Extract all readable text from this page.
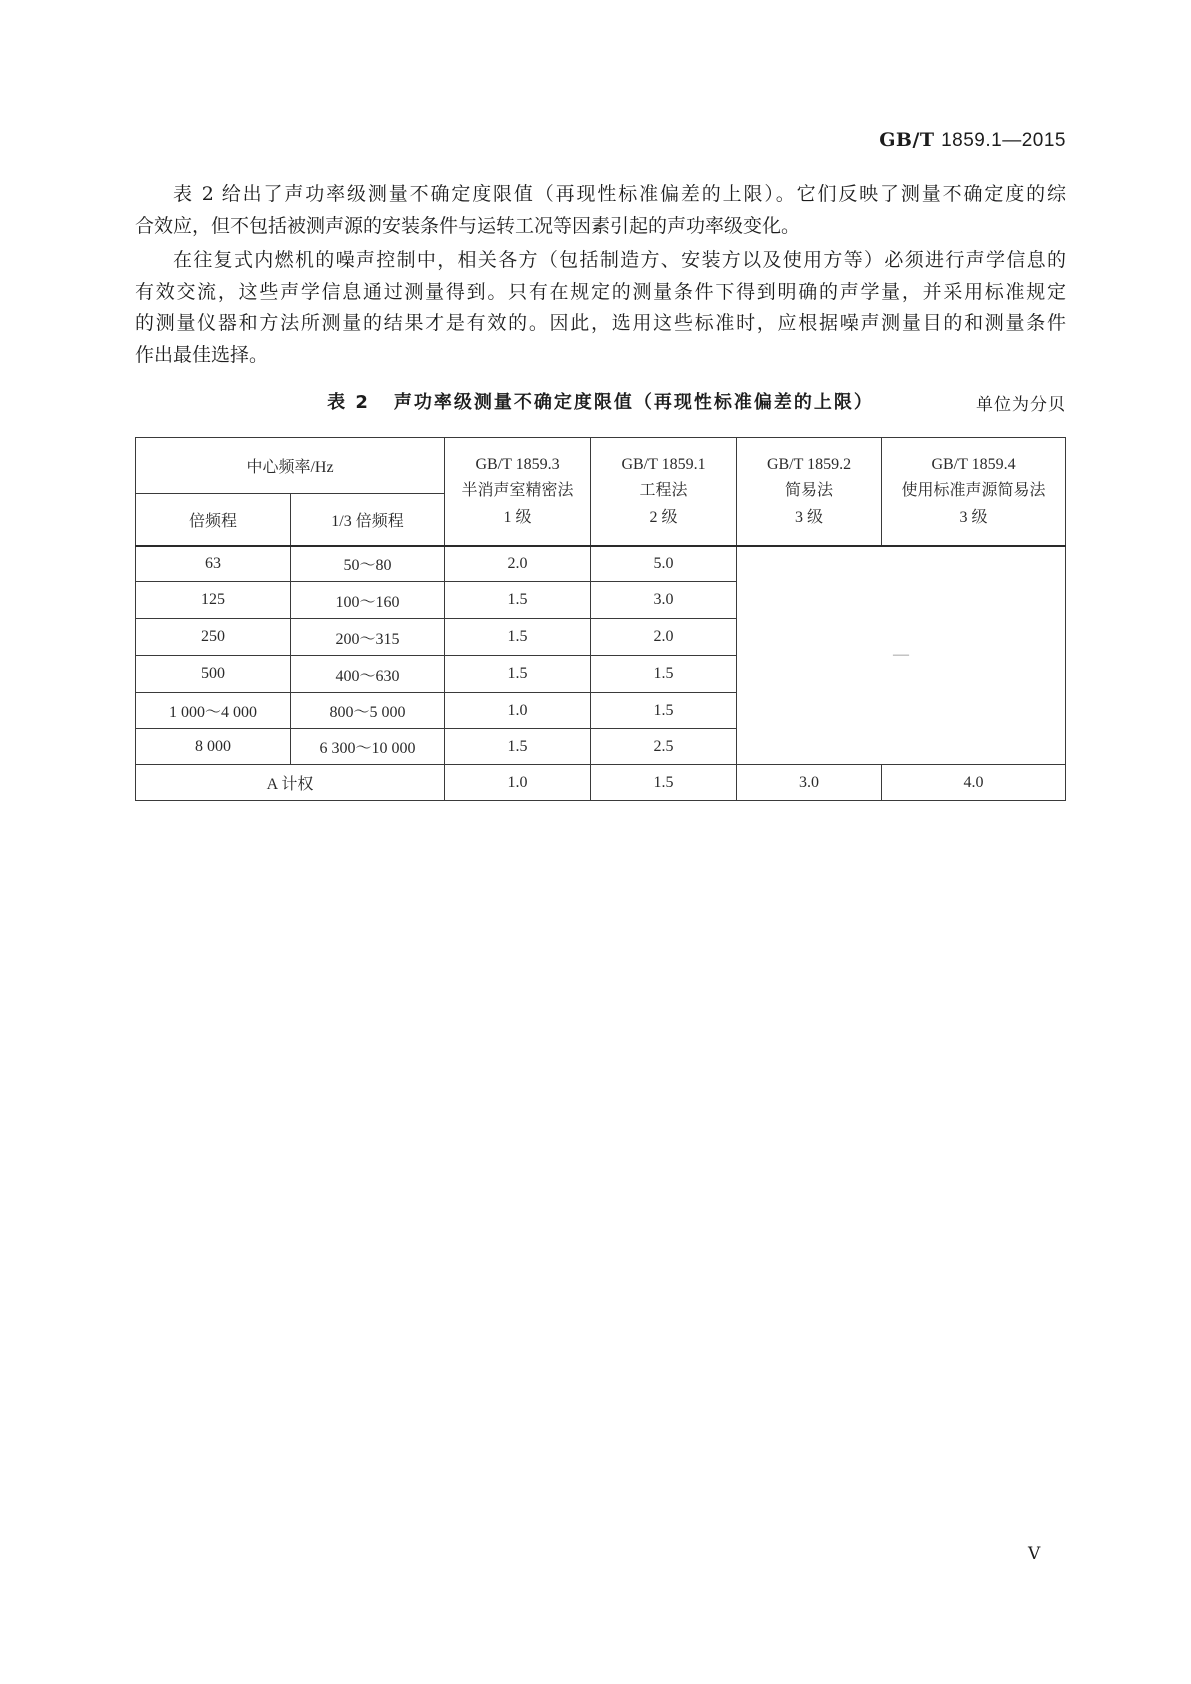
GB/T 1859.1—2015
表 2 给出了声功率级测量不确定度限值（再现性标准偏差的上限）。它们反映了测量不确定度的综
合效应，但不包括被测声源的安装条件与运转工况等因素引起的声功率级变化。
在往复式内燃机的噪声控制中，相关各方（包括制造方、安装方以及使用方等）必须进行声学信息的
有效交流，这些声学信息通过测量得到。只有在规定的测量条件下得到明确的声学量，并采用标准规定
的测量仪器和方法所测量的结果才是有效的。因此，选用这些标准时，应根据噪声测量目的和测量条件
作出最佳选择。
表 2 声功率级测量不确定度限值（再现性标准偏差的上限）	单位为分贝
中心频率/Hz		GB/T 1859.3
半消声室精密法
1 级	GB/T 1859.1
工程法
2 级	GB/T 1859.2
简易法
3 级	GB/T 1859.4
使用标准声源简易法
3 级

倍频程	1/3 倍频程				
63	50～80	2.0	5.0	—	
125	100～160	1.5	3.0		
250	200～315	1.5	2.0		
500	400～630	1.5	1.5		
1 000～4 000	800～5 000	1.0	1.5		
8 000	6 300～10 000	1.5	2.5		
A 计权		1.0	1.5	3.0	4.0
V
